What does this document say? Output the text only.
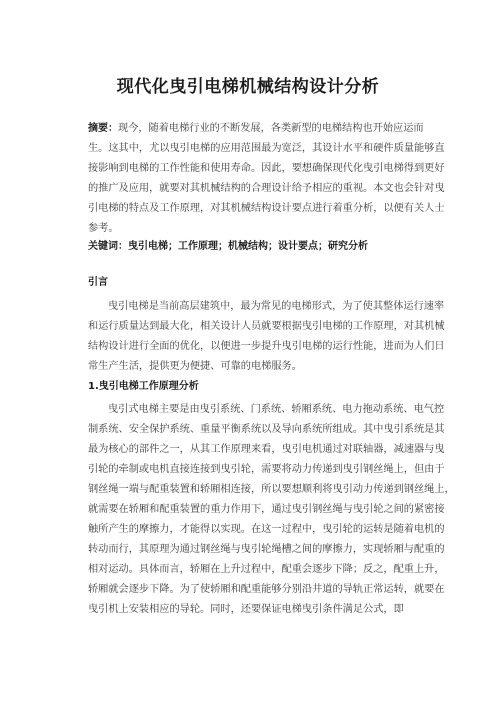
现代化曳引电梯机械结构设计分析
摘要：现今，随着电梯行业的不断发展，各类新型的电梯结构也开始应运而
生。这其中，尤以曳引电梯的应用范围最为宽泛，其设计水平和硬件质量能够直
接影响到电梯的工作性能和使用寿命。因此，要想确保现代化曳引电梯得到更好
的推广及应用，就要对其机械结构的合理设计给予相应的重视。本文也会针对曳
引电梯的特点及工作原理，对其机械结构设计要点进行着重分析，以便有关人士
参考。
关键词：曳引电梯；工作原理；机械结构；设计要点；研究分析
引言
曳引电梯是当前高层建筑中，最为常见的电梯形式，为了使其整体运行速率
和运行质量达到最大化，相关设计人员就要根据曳引电梯的工作原理，对其机械
结构设计进行全面的优化，以便进一步提升曳引电梯的运行性能，进而为人们日
常生产生活，提供更为便捷、可靠的电梯服务。
1.曳引电梯工作原理分析
曳引式电梯主要是由曳引系统、门系统、轿厢系统、电力拖动系统、电气控
制系统、安全保护系统、重量平衡系统以及导向系统所组成。其中曳引系统是其
最为核心的部件之一，从其工作原理来看，曳引电机通过对联轴器，减速器与曳
引轮的牵制或电机直接连接到曳引轮，需要将动力传递到曳引钢丝绳上，但由于
钢丝绳一端与配重装置和轿厢相连接，所以要想顺利将曳引动力传递到钢丝绳上，
就需要在轿厢和配重装置的重力作用下，通过曳引钢丝绳与曳引轮之间的紧密接
触所产生的摩擦力，才能得以实现。在这一过程中，曳引轮的运转是随着电机的
转动而行，其原理为通过钢丝绳与曳引轮绳槽之间的摩擦力，实现轿厢与配重的
相对运动。具体而言，轿厢在上升过程中，配重会逐步下降；反之，配重上升，
轿厢就会逐步下降。为了使轿厢和配重能够分别沿井道的导轨正常运转，就要在
曳引机上安装相应的导轮。同时，还要保证电梯曳引条件满足公式，即
